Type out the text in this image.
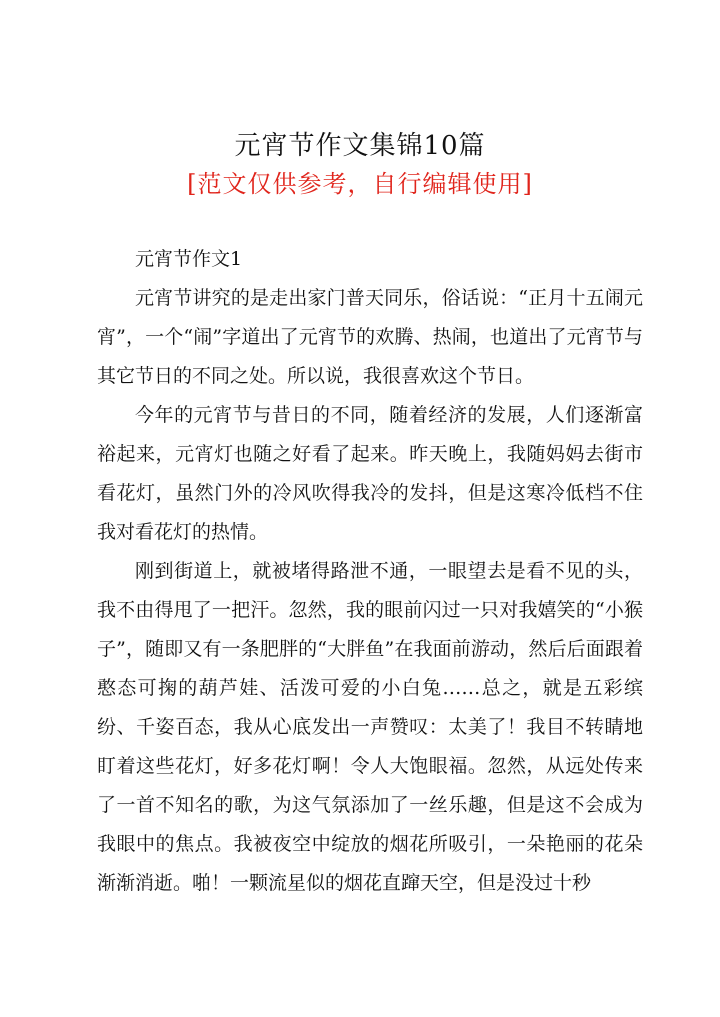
元宵节作文集锦10篇
[范文仅供参考，自行编辑使用]

元宵节作文1

元宵节讲究的是走出家门普天同乐，俗话说：“正月十五闹元宵”，一个“闹”字道出了元宵节的欢腾、热闹，也道出了元宵节与其它节日的不同之处。所以说，我很喜欢这个节日。

今年的元宵节与昔日的不同，随着经济的发展，人们逐渐富裕起来，元宵灯也随之好看了起来。昨天晚上，我随妈妈去街市看花灯，虽然门外的冷风吹得我冷的发抖，但是这寒冷低档不住我对看花灯的热情。

刚到街道上，就被堵得路泄不通，一眼望去是看不见的头，我不由得甩了一把汗。忽然，我的眼前闪过一只对我嬉笑的“小猴子”，随即又有一条肥胖的“大胖鱼”在我面前游动，然后后面跟着憨态可掬的葫芦娃、活泼可爱的小白兔……总之，就是五彩缤纷、千姿百态，我从心底发出一声赞叹：太美了！我目不转睛地盯着这些花灯，好多花灯啊！令人大饱眼福。忽然，从远处传来了一首不知名的歌，为这气氛添加了一丝乐趣，但是这不会成为我眼中的焦点。我被夜空中绽放的烟花所吸引，一朵艳丽的花朵渐渐消逝。啪！一颗流星似的烟花直蹿天空，但是没过十秒
